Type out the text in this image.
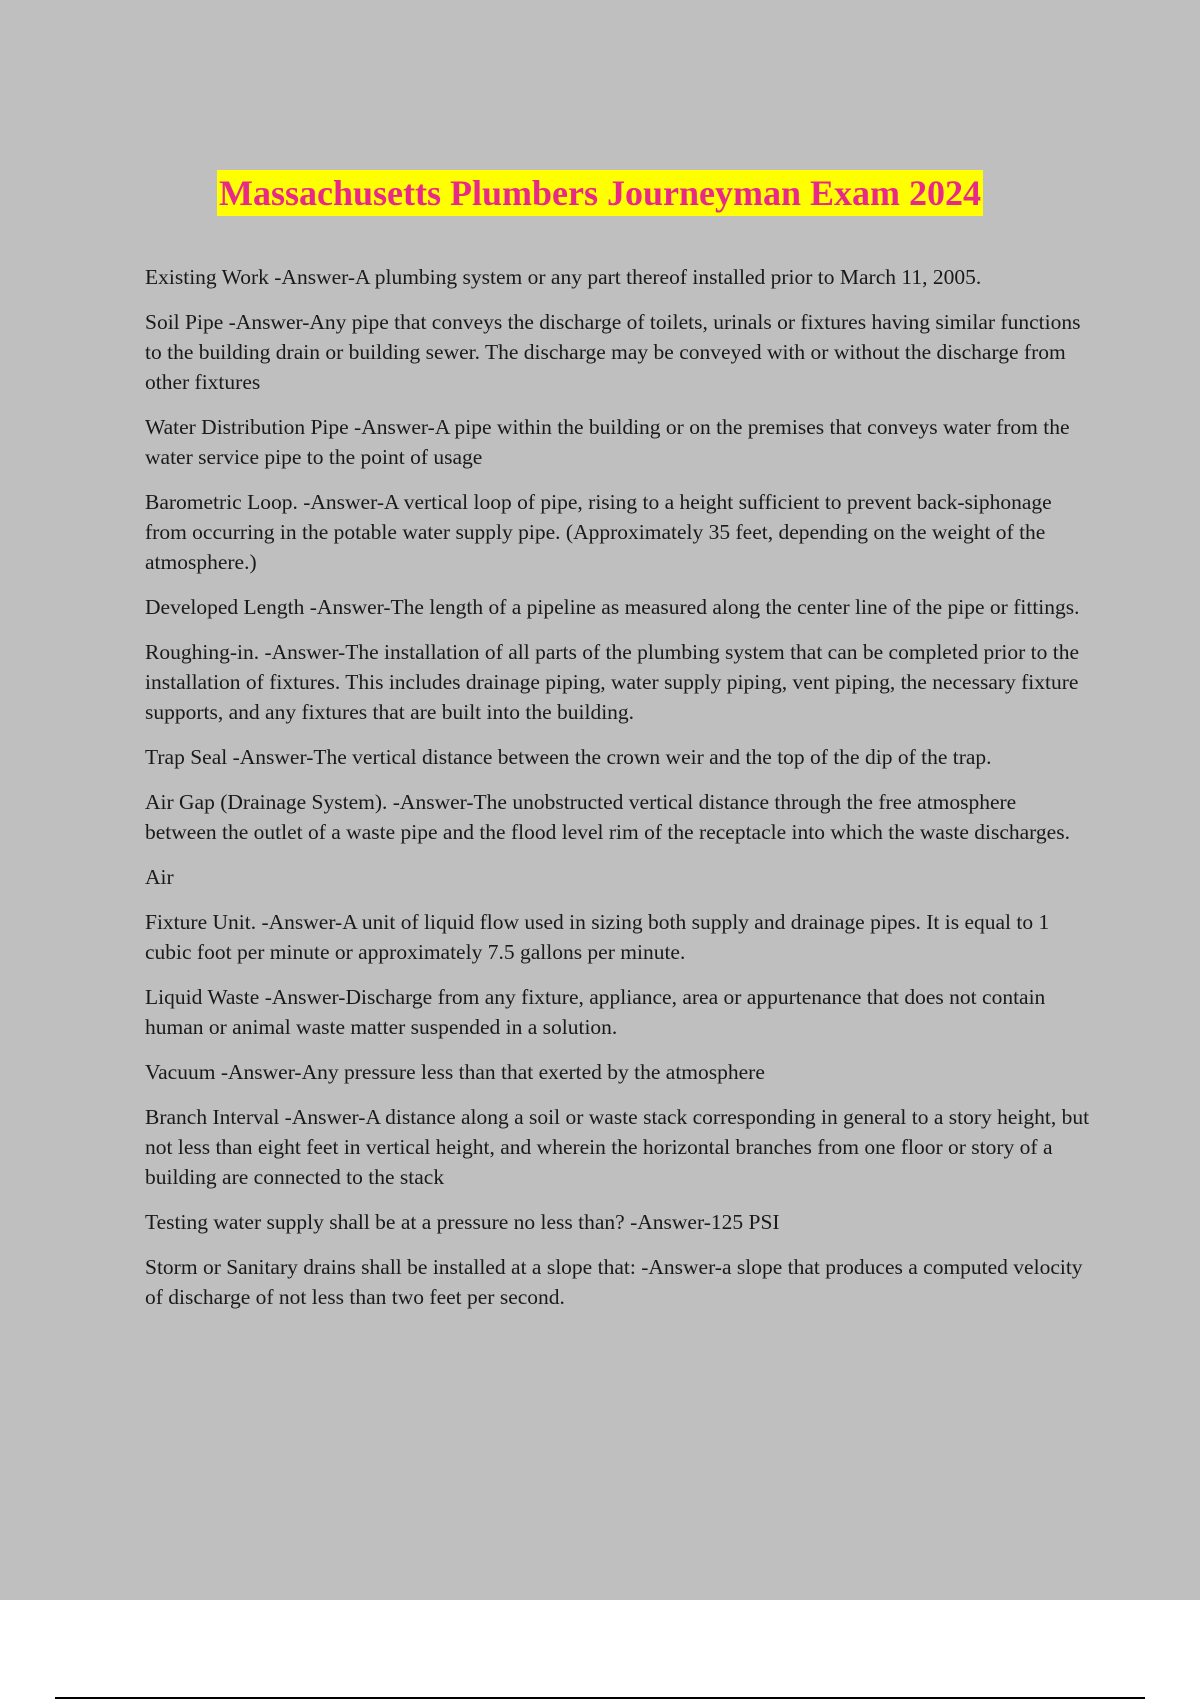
Massachusetts Plumbers Journeyman Exam 2024

Existing Work -Answer-A plumbing system or any part thereof installed prior to March 11, 2005.

Soil Pipe -Answer-Any pipe that conveys the discharge of toilets, urinals or fixtures having similar functions to the building drain or building sewer. The discharge may be conveyed with or without the discharge from other fixtures

Water Distribution Pipe -Answer-A pipe within the building or on the premises that conveys water from the water service pipe to the point of usage

Barometric Loop. -Answer-A vertical loop of pipe, rising to a height sufficient to prevent back-siphonage from occurring in the potable water supply pipe. (Approximately 35 feet, depending on the weight of the atmosphere.)

Developed Length -Answer-The length of a pipeline as measured along the center line of the pipe or fittings.

Roughing-in. -Answer-The installation of all parts of the plumbing system that can be completed prior to the installation of fixtures. This includes drainage piping, water supply piping, vent piping, the necessary fixture supports, and any fixtures that are built into the building.

Trap Seal -Answer-The vertical distance between the crown weir and the top of the dip of the trap.

Air Gap (Drainage System). -Answer-The unobstructed vertical distance through the free atmosphere between the outlet of a waste pipe and the flood level rim of the receptacle into which the waste discharges.

Air

Fixture Unit. -Answer-A unit of liquid flow used in sizing both supply and drainage pipes. It is equal to 1 cubic foot per minute or approximately 7.5 gallons per minute.

Liquid Waste -Answer-Discharge from any fixture, appliance, area or appurtenance that does not contain human or animal waste matter suspended in a solution.

Vacuum -Answer-Any pressure less than that exerted by the atmosphere

Branch Interval -Answer-A distance along a soil or waste stack corresponding in general to a story height, but not less than eight feet in vertical height, and wherein the horizontal branches from one floor or story of a building are connected to the stack

Testing water supply shall be at a pressure no less than? -Answer-125 PSI

Storm or Sanitary drains shall be installed at a slope that: -Answer-a slope that produces a computed velocity of discharge of not less than two feet per second.
